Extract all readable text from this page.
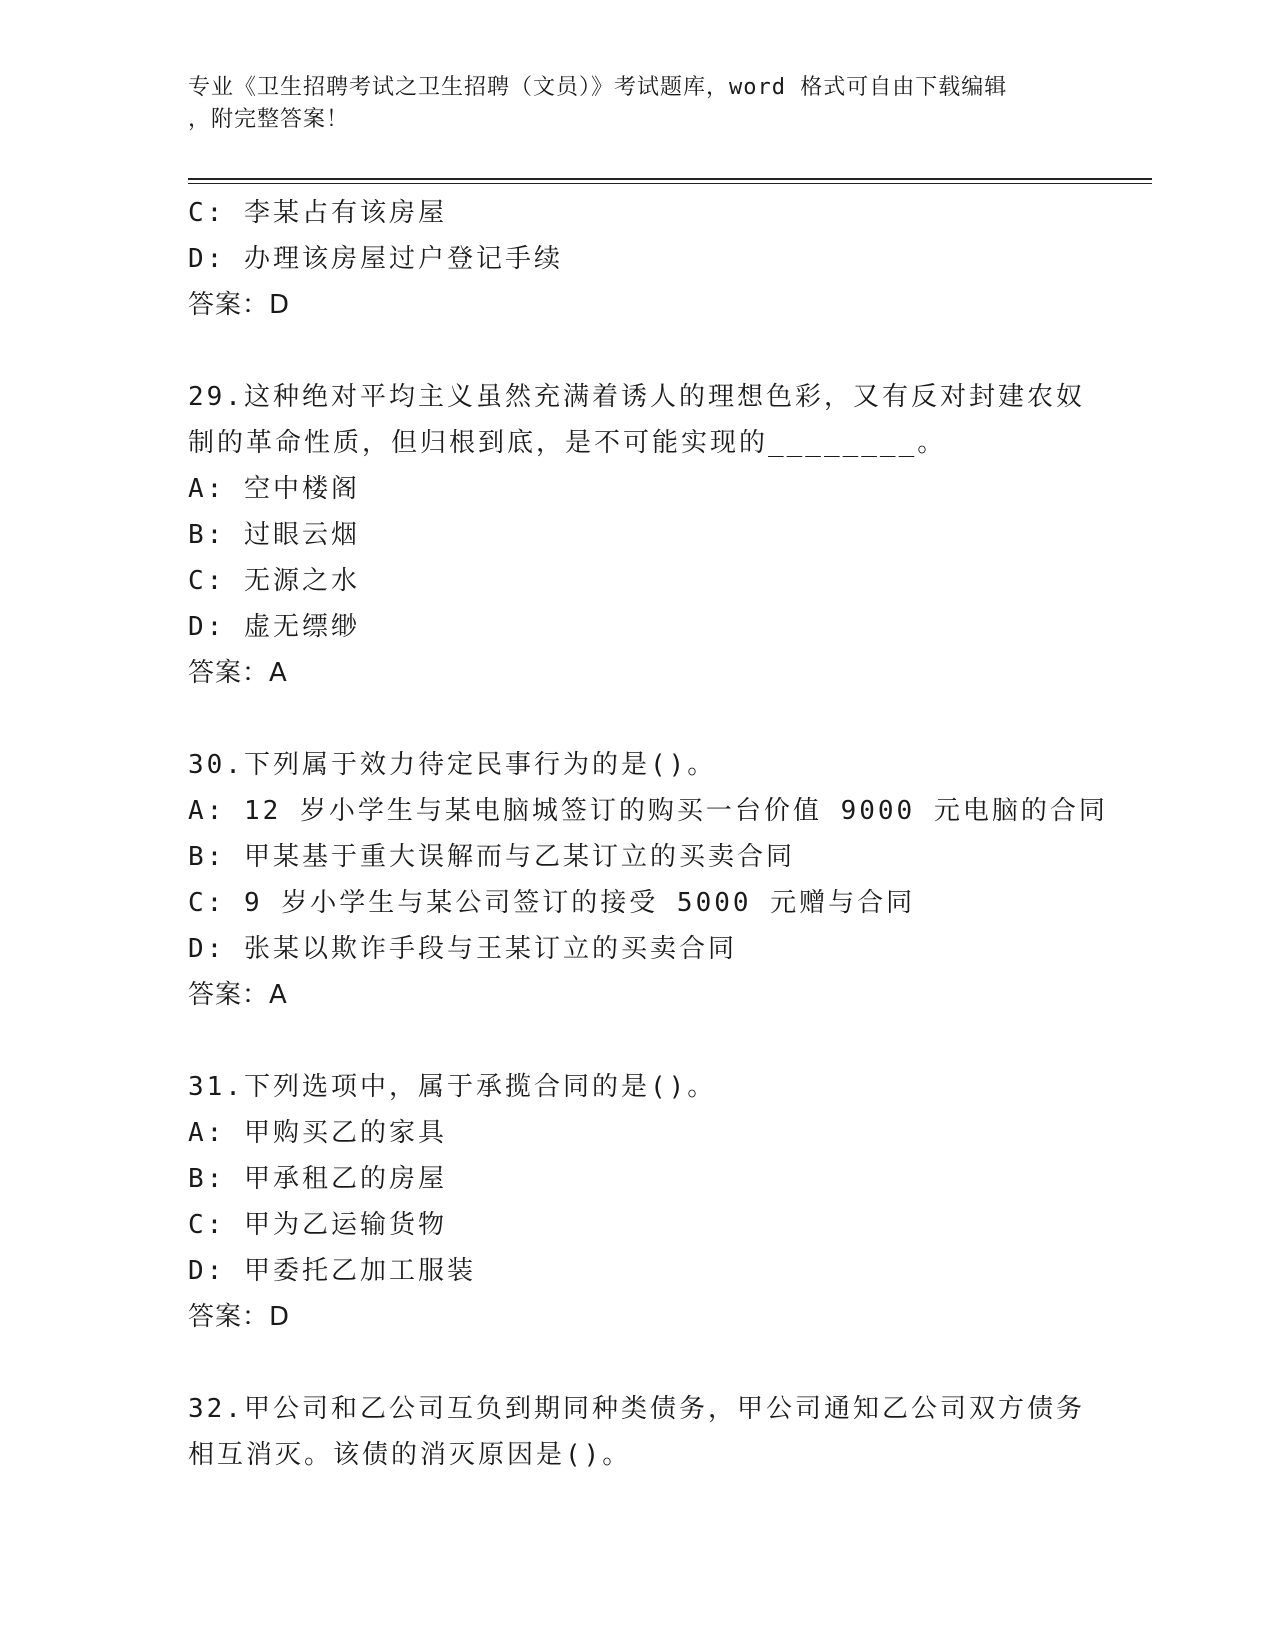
专业《卫生招聘考试之卫生招聘（文员）》考试题库，word 格式可自由下载编辑
，附完整答案！
C: 李某占有该房屋
D: 办理该房屋过户登记手续
答案：D
29.这种绝对平均主义虽然充满着诱人的理想色彩，又有反对封建农奴
制的革命性质，但归根到底，是不可能实现的________。
A: 空中楼阁
B: 过眼云烟
C: 无源之水
D: 虚无缥缈
答案：A
30.下列属于效力待定民事行为的是()。
A: 12 岁小学生与某电脑城签订的购买一台价值 9000 元电脑的合同
B: 甲某基于重大误解而与乙某订立的买卖合同
C: 9 岁小学生与某公司签订的接受 5000 元赠与合同
D: 张某以欺诈手段与王某订立的买卖合同
答案：A
31.下列选项中，属于承揽合同的是()。
A: 甲购买乙的家具
B: 甲承租乙的房屋
C: 甲为乙运输货物
D: 甲委托乙加工服装
答案：D
32.甲公司和乙公司互负到期同种类债务，甲公司通知乙公司双方债务
相互消灭。该债的消灭原因是()。
